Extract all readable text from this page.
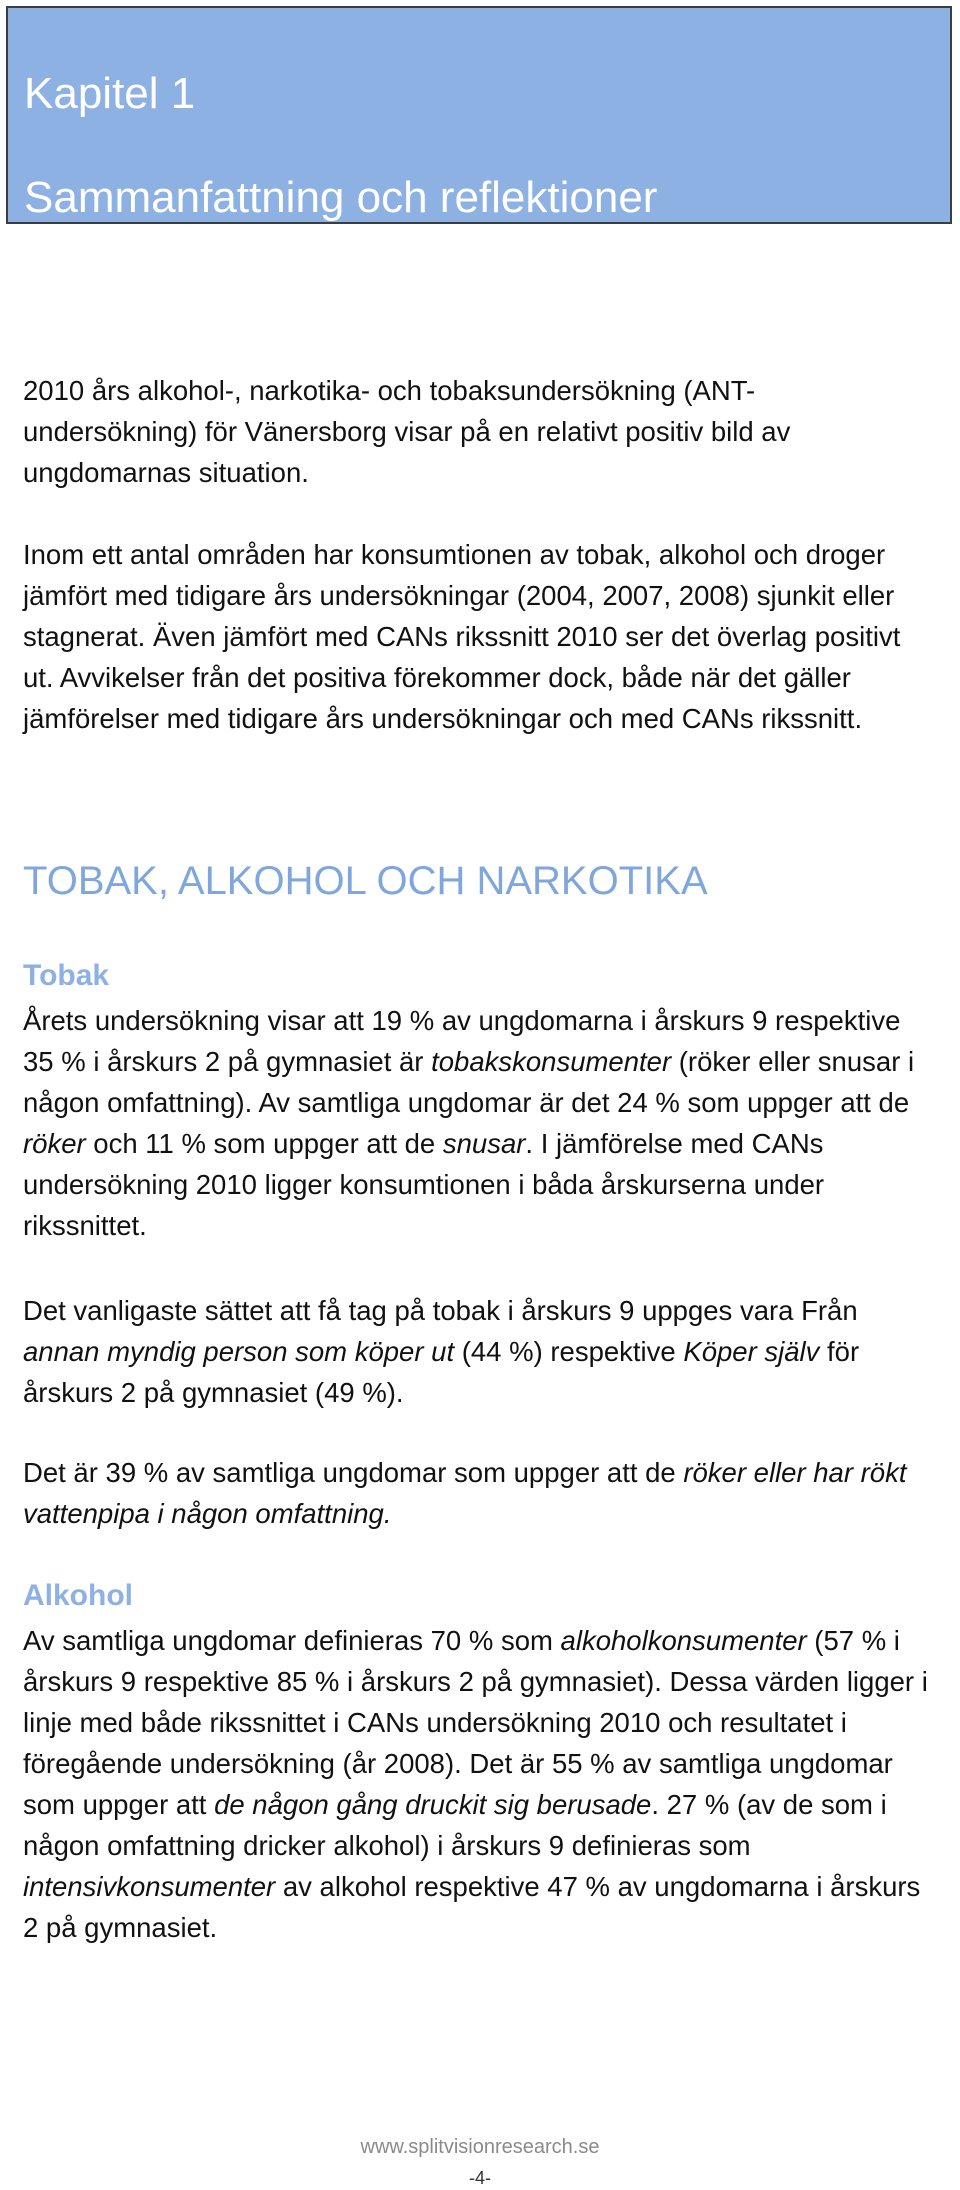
Kapitel 1
Sammanfattning och reflektioner

2010 års alkohol-, narkotika- och tobaksundersökning (ANT-undersökning) för Vänersborg visar på en relativt positiv bild av ungdomarnas situation.

Inom ett antal områden har konsumtionen av tobak, alkohol och droger jämfört med tidigare års undersökningar (2004, 2007, 2008) sjunkit eller stagnerat. Även jämfört med CANs rikssnitt 2010 ser det överlag positivt ut. Avvikelser från det positiva förekommer dock, både när det gäller jämförelser med tidigare års undersökningar och med CANs rikssnitt.

TOBAK, ALKOHOL OCH NARKOTIKA
Tobak

Årets undersökning visar att 19 % av ungdomarna i årskurs 9 respektive 35 % i årskurs 2 på gymnasiet är tobakskonsumenter (röker eller snusar i någon omfattning). Av samtliga ungdomar är det 24 % som uppger att de röker och 11 % som uppger att de snusar. I jämförelse med CANs undersökning 2010 ligger konsumtionen i båda årskurserna under rikssnittet.

Det vanligaste sättet att få tag på tobak i årskurs 9 uppges vara Från annan myndig person som köper ut (44 %) respektive Köper själv för årskurs 2 på gymnasiet (49 %).

Det är 39 % av samtliga ungdomar som uppger att de röker eller har rökt vattenpipa i någon omfattning.

Alkohol

Av samtliga ungdomar definieras 70 % som alkoholkonsumenter (57 % i årskurs 9 respektive 85 % i årskurs 2 på gymnasiet). Dessa värden ligger i linje med både rikssnittet i CANs undersökning 2010 och resultatet i föregående undersökning (år 2008). Det är 55 % av samtliga ungdomar som uppger att de någon gång druckit sig berusade. 27 % (av de som i någon omfattning dricker alkohol) i årskurs 9 definieras som intensivkonsumenter av alkohol respektive 47 % av ungdomarna i årskurs 2 på gymnasiet.

www.splitvisionresearch.se
-4-
